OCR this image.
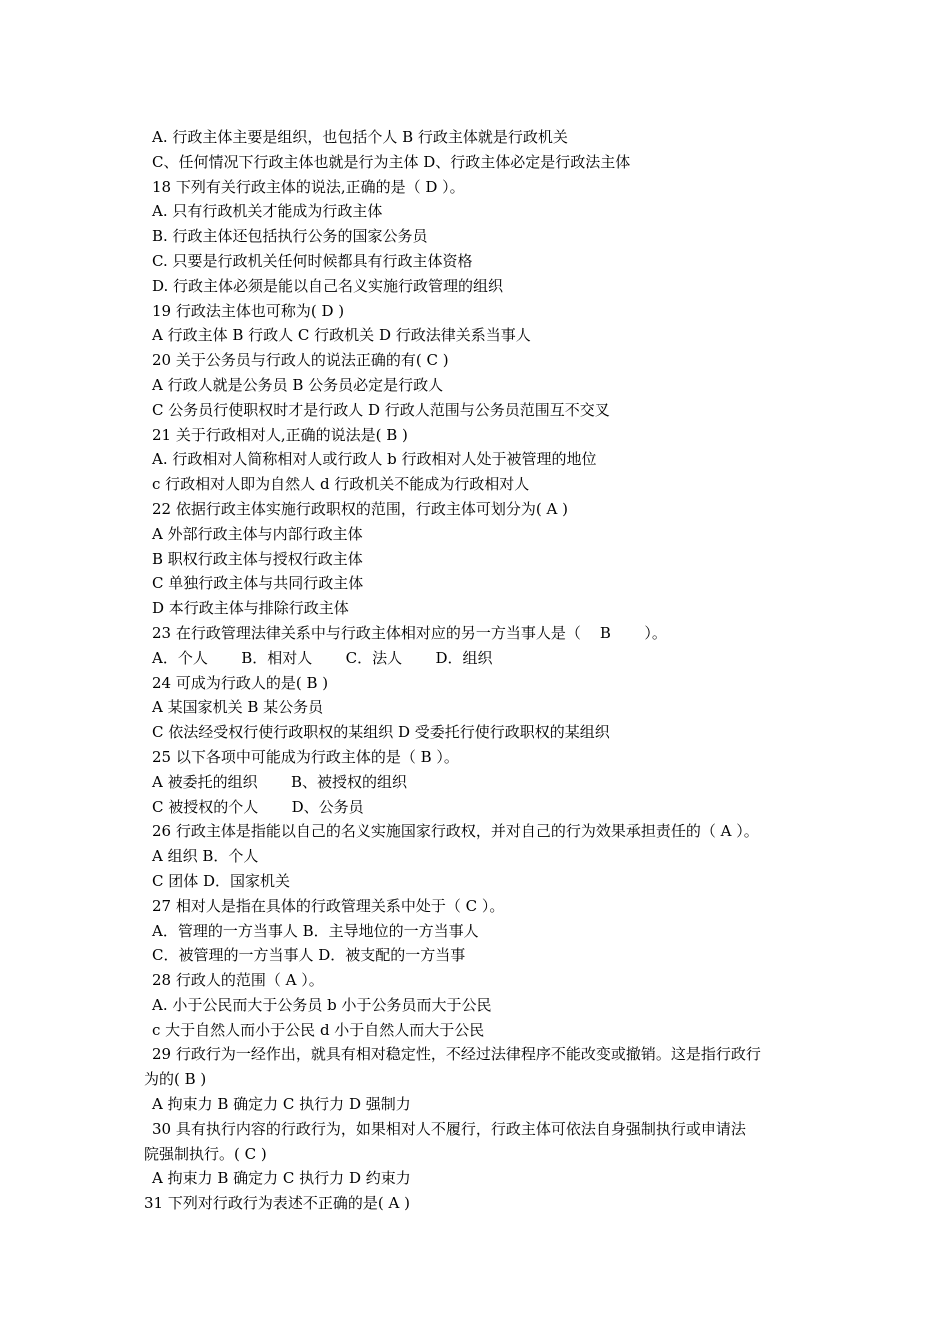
A. 行政主体主要是组织，也包括个人 B 行政主体就是行政机关
C、任何情况下行政主体也就是行为主体 D、行政主体必定是行政法主体
18 下列有关行政主体的说法,正确的是（ D ）。
A. 只有行政机关才能成为行政主体
B. 行政主体还包括执行公务的国家公务员
C. 只要是行政机关任何时候都具有行政主体资格
D. 行政主体必须是能以自己名义实施行政管理的组织
19 行政法主体也可称为( D )
A 行政主体 B 行政人 C 行政机关 D 行政法律关系当事人
20 关于公务员与行政人的说法正确的有( C )
A 行政人就是公务员 B 公务员必定是行政人
C 公务员行使职权时才是行政人 D 行政人范围与公务员范围互不交叉
21 关于行政相对人,正确的说法是( B )
A. 行政相对人简称相对人或行政人 b 行政相对人处于被管理的地位
c 行政相对人即为自然人 d 行政机关不能成为行政相对人
22 依据行政主体实施行政职权的范围，行政主体可划分为( A )
A 外部行政主体与内部行政主体
B 职权行政主体与授权行政主体
C 单独行政主体与共同行政主体
D 本行政主体与排除行政主体
23 在行政管理法律关系中与行政主体相对应的另一方当事人是（    B       ）。
A．个人       B．相对人       C．法人       D．组织
24 可成为行政人的是( B )
A 某国家机关 B 某公务员
C 依法经受权行使行政职权的某组织 D 受委托行使行政职权的某组织
25 以下各项中可能成为行政主体的是（ B ）。
A 被委托的组织       B、被授权的组织
C 被授权的个人       D、公务员
26 行政主体是指能以自己的名义实施国家行政权，并对自己的行为效果承担责任的（ A ）。
A 组织 B．个人
C 团体 D．国家机关
27 相对人是指在具体的行政管理关系中处于（ C ）。
A．管理的一方当事人 B．主导地位的一方当事人
C．被管理的一方当事人 D．被支配的一方当事
28 行政人的范围（ A ）。
A. 小于公民而大于公务员 b 小于公务员而大于公民
c 大于自然人而小于公民 d 小于自然人而大于公民
29 行政行为一经作出，就具有相对稳定性，不经过法律程序不能改变或撤销。这是指行政行
为的( B )
A 拘束力 B 确定力 C 执行力 D 强制力
30 具有执行内容的行政行为，如果相对人不履行，行政主体可依法自身强制执行或申请法
院强制执行。( C )
A 拘束力 B 确定力 C 执行力 D 约束力
31 下列对行政行为表述不正确的是( A )
